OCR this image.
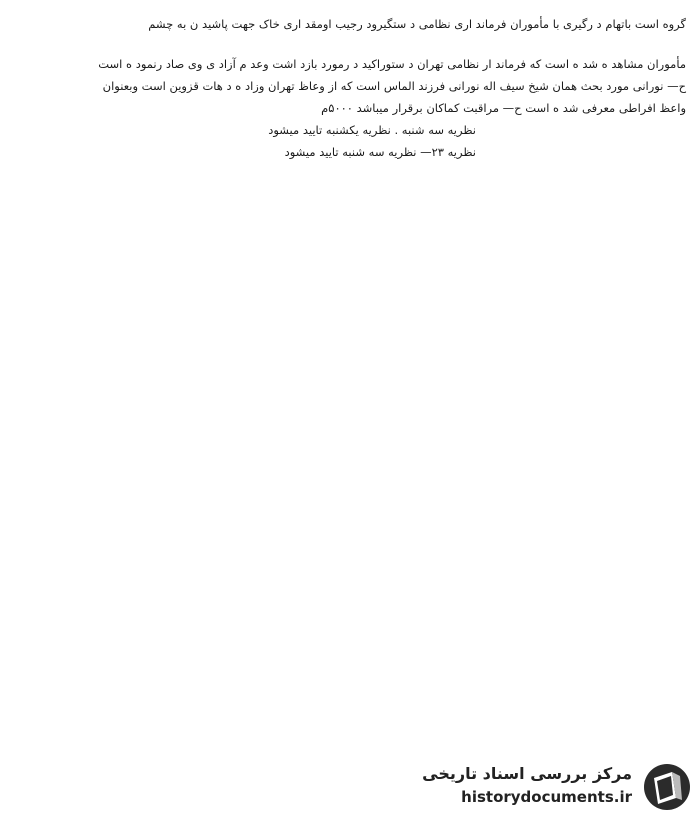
گروه است باتهام د رگیری با مأموران فرماند اری نظامی د ستگیرود رجیب اومقد اری خاک جهت پاشید ن به چشم
مأموران مشاهد ه شد ه است که فرماند ار نظامی تهران د ستوراکید د رمورد بازد اشت وعد م آزاد ی وی صاد رنمود ه است
ح— نورانی مورد بحث همان شیخ سیف اله نورانی فرزند الماس است که از وعاظ تهران وزاد ه د هات قزوین است وبعنوان
واعظ افراطی معرفی شد ه است ح— مراقبت کماکان برقرار میباشد ۵۰۰۰م
نظریه سه شنبه . نظریه یکشنبه تایید میشود
نظریه ۲۳— نظریه سه شنبه تایید میشود
مرکز بررسی اسناد تاریخی
historydocuments.ir
